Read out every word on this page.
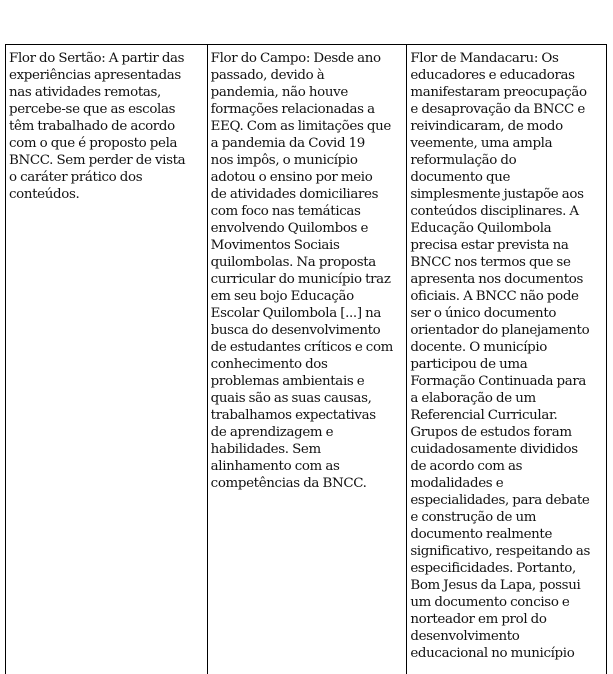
Flor do Sertão: A partir das
experiências apresentadas
nas atividades remotas,
percebe-se que as escolas
têm trabalhado de acordo
com o que é proposto pela
BNCC. Sem perder de vista
o caráter prático dos
conteúdos.
Flor do Campo: Desde ano
passado, devido à
pandemia, não houve
formações relacionadas a
EEQ. Com as limitações que
a pandemia da Covid 19
nos impôs, o município
adotou o ensino por meio
de atividades domiciliares
com foco nas temáticas
envolvendo Quilombos e
Movimentos Sociais
quilombolas. Na proposta
curricular do município traz
em seu bojo Educação
Escolar Quilombola [...] na
busca do desenvolvimento
de estudantes críticos e com
conhecimento dos
problemas ambientais e
quais são as suas causas,
trabalhamos expectativas
de aprendizagem e
habilidades. Sem
alinhamento com as
competências da BNCC.
Flor de Mandacaru: Os
educadores e educadoras
manifestaram preocupação
e desaprovação da BNCC e
reivindicaram, de modo
veemente, uma ampla
reformulação do
documento que
simplesmente justapõe aos
conteúdos disciplinares. A
Educação Quilombola
precisa estar prevista na
BNCC nos termos que se
apresenta nos documentos
oficiais. A BNCC não pode
ser o único documento
orientador do planejamento
docente. O município
participou de uma
Formação Continuada para
a elaboração de um
Referencial Curricular.
Grupos de estudos foram
cuidadosamente divididos
de acordo com as
modalidades e
especialidades, para debate
e construção de um
documento realmente
significativo, respeitando as
especificidades. Portanto,
Bom Jesus da Lapa, possui
um documento conciso e
norteador em prol do
desenvolvimento
educacional no município
